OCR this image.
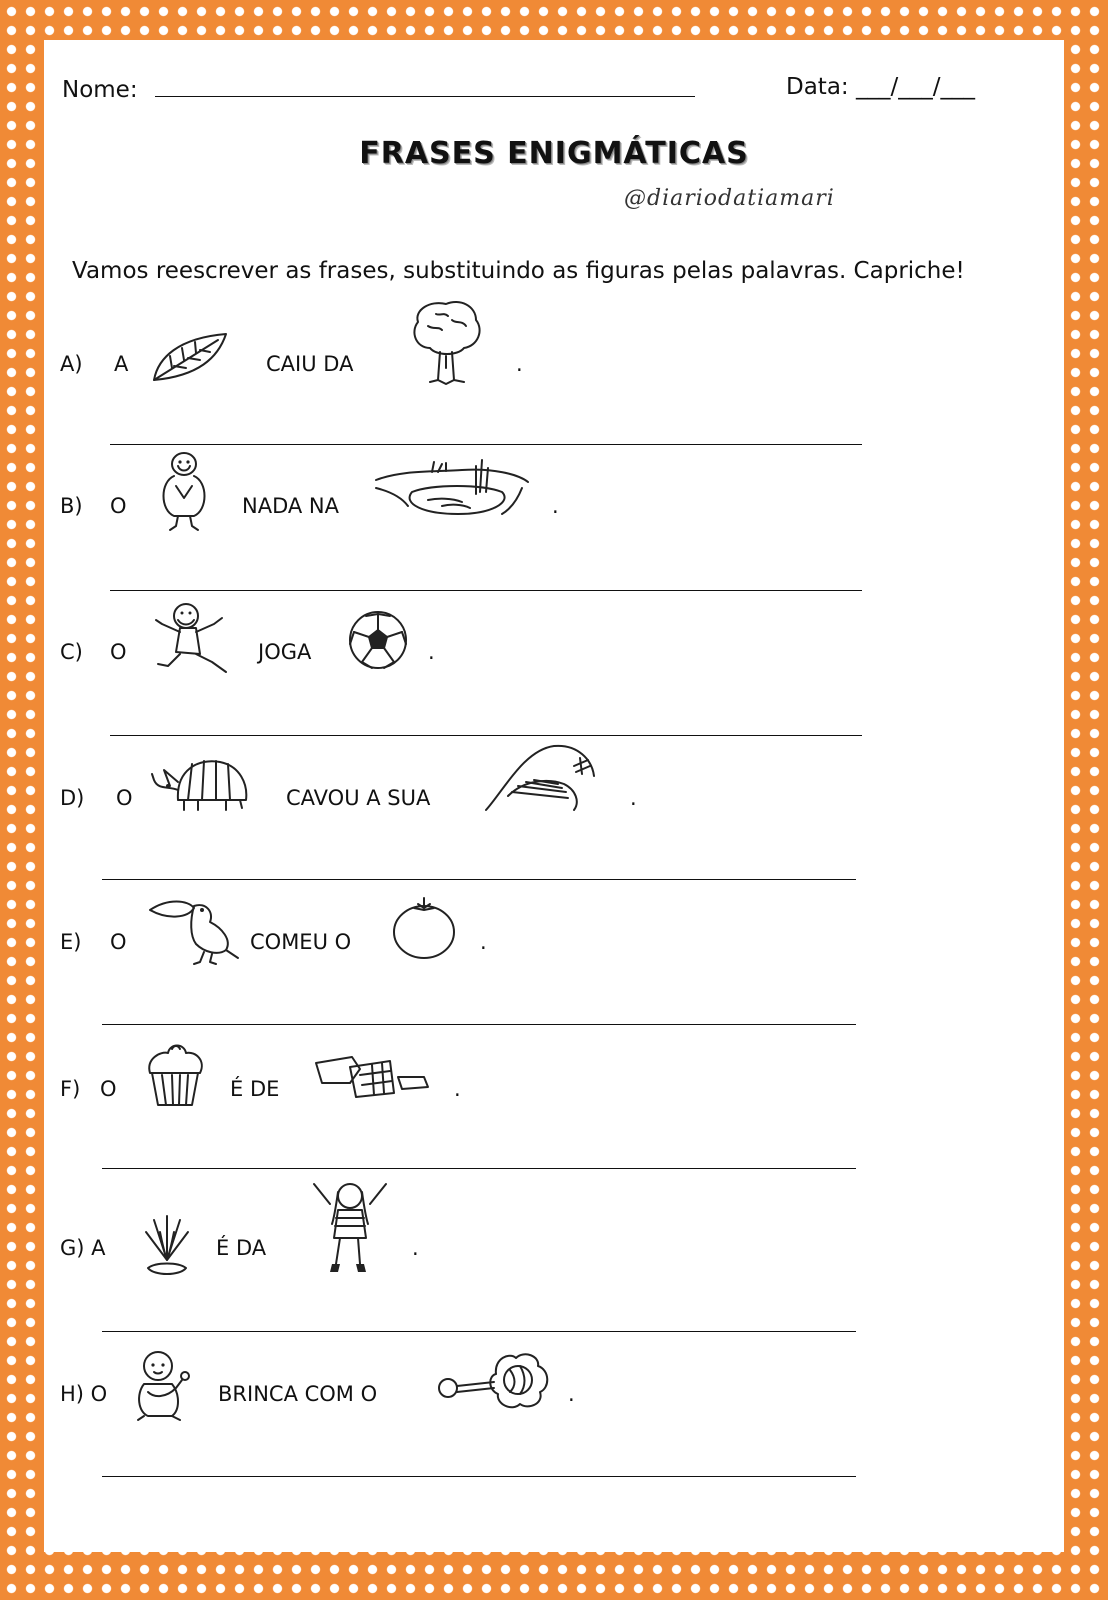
Nome:	Data: ___/___/___
FRASES ENIGMÁTICAS
@diariodatiamari
Vamos reescrever as frases, substituindo as figuras pelas palavras. Capriche!
A) A	CAIU DA	.
B) O	NADA NA	.
C) O	JOGA	.
D) O	CAVOU A SUA	.
E) O	COMEU O	.
F) O	É DE	.
G) A	É DA	.
H) O	BRINCA COM O	.
